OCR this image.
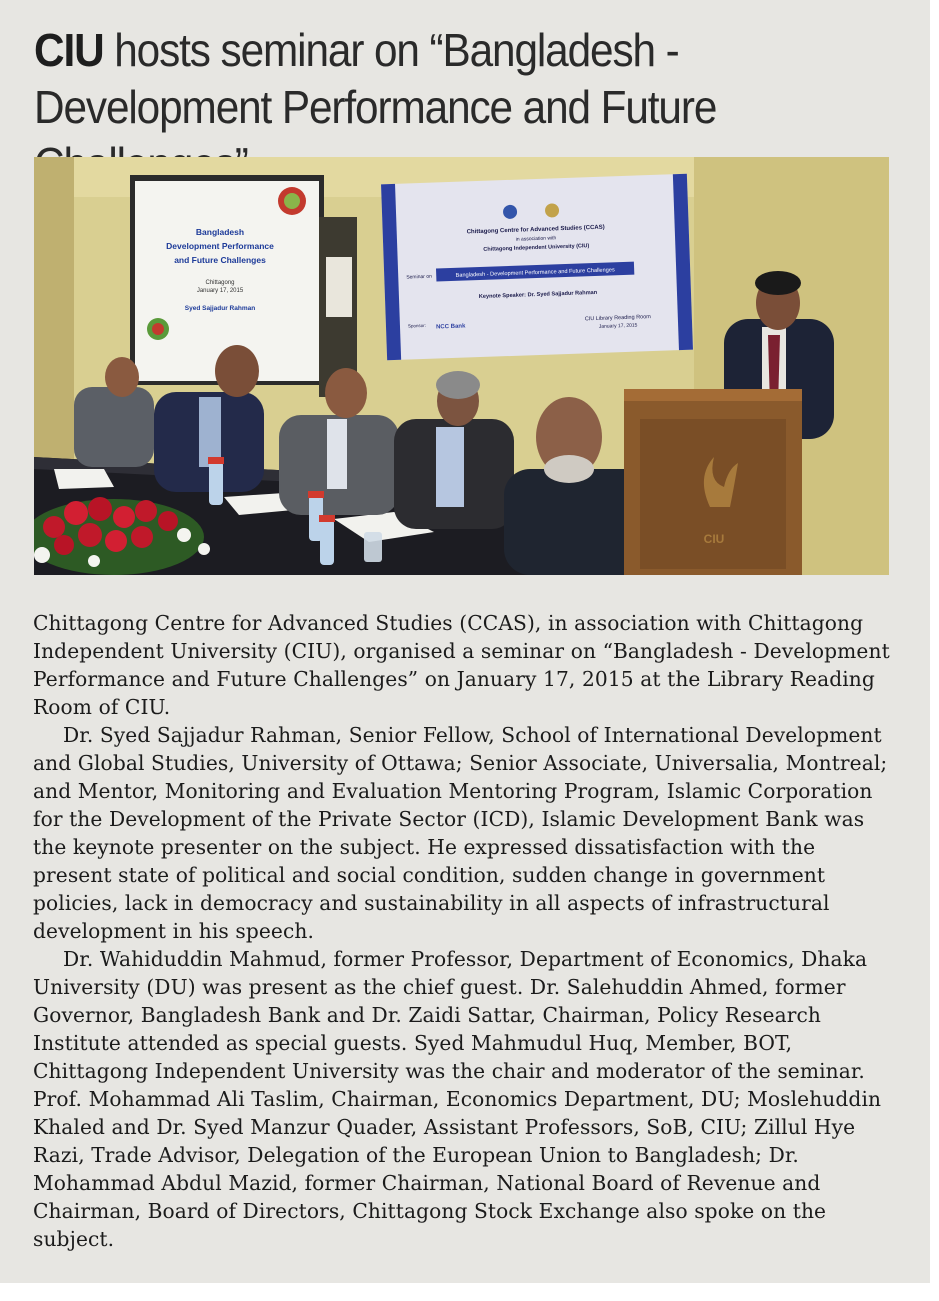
CIU hosts seminar on “Bangladesh - Development Performance and Future
Bangladesh
Development Performance
and Future Challenges
Chittagong
January 17, 2015
Syed Sajjadur Rahman
Chittagong Centre for Advanced Studies (CCAS)
in association with
Chittagong Independent University (CIU)
Seminar on	Bangladesh - Development Performance and Future Challenges
Keynote Speaker: Dr. Syed Sajjadur Rahman
Sponsor: NCC Bank
CIU Library Reading Room
January 17, 2015
CIU

Chittagong Centre for Advanced Studies (CCAS), in association with Chittagong Independent University (CIU), organised a seminar on “Bangladesh - Development Performance and Future Challenges” on January 17, 2015 at the Library Reading Room of CIU.

Dr. Syed Sajjadur Rahman, Senior Fellow, School of International Development and Global Studies, University of Ottawa; Senior Associate, Universalia, Montreal; and Mentor, Monitoring and Evaluation Mentoring Program, Islamic Corporation for the Development of the Private Sector (ICD), Islamic Development Bank was the keynote presenter on the subject. He expressed dissatisfaction with the present state of political and social condition, sudden change in government policies, lack in democracy and sustainability in all aspects of infrastructural development in his speech.

Dr. Wahiduddin Mahmud, former Professor, Department of Economics, Dhaka University (DU) was present as the chief guest. Dr. Salehuddin Ahmed, former Governor, Bangladesh Bank and Dr. Zaidi Sattar, Chairman, Policy Research Institute attended as special guests. Syed Mahmudul Huq, Member, BOT, Chittagong Independent University was the chair and moderator of the seminar. Prof. Mohammad Ali Taslim, Chairman, Economics Department, DU; Moslehuddin Khaled and Dr. Syed Manzur Quader, Assistant Professors, SoB, CIU; Zillul Hye Razi, Trade Advisor, Delegation of the European Union to Bangladesh; Dr. Mohammad Abdul Mazid, former Chairman, National Board of Revenue and Chairman, Board of Directors, Chittagong Stock Exchange also spoke on the subject.
